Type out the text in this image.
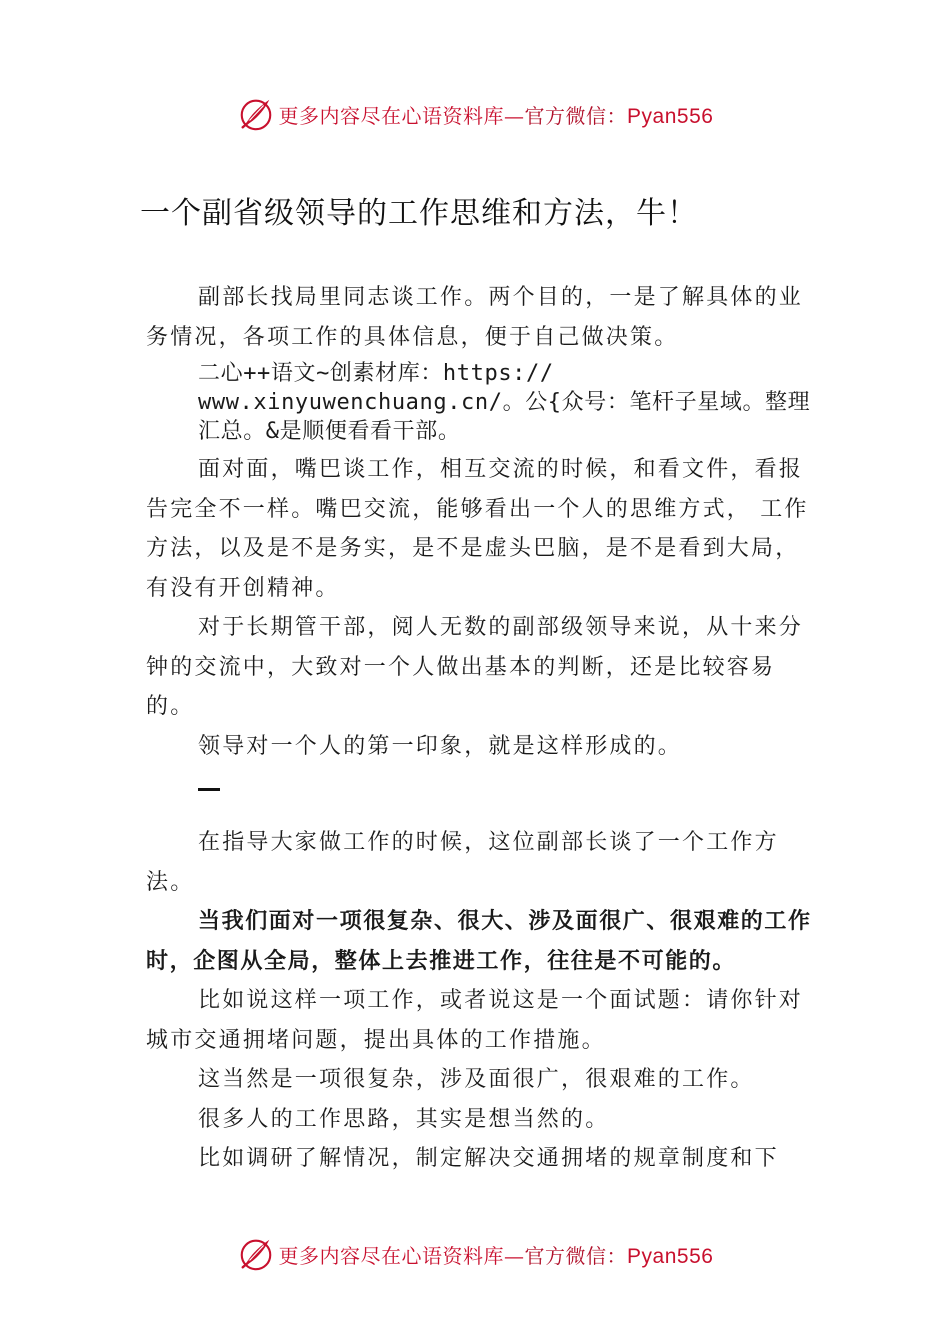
更多内容尽在心语资料库—官方微信：Pyan556
一个副省级领导的工作思维和方法，牛！

副部长找局里同志谈工作。两个目的，一是了解具体的业务情况，各项工作的具体信息，便于自己做决策。

二心++语文~创素材库：https://
www.xinyuwenchuang.cn/。公{众号：笔杆子星域。整理
汇总。&是顺便看看干部。

面对面，嘴巴谈工作，相互交流的时候，和看文件，看报告完全不一样。嘴巴交流，能够看出一个人的思维方式， 工作方法，以及是不是务实，是不是虚头巴脑，是不是看到大局，有没有开创精神。

对于长期管干部，阅人无数的副部级领导来说，从十来分钟的交流中，大致对一个人做出基本的判断，还是比较容易的。

领导对一个人的第一印象，就是这样形成的。

在指导大家做工作的时候，这位副部长谈了一个工作方法。

当我们面对一项很复杂、很大、涉及面很广、很艰难的工作时，企图从全局，整体上去推进工作，往往是不可能的。

比如说这样一项工作，或者说这是一个面试题：请你针对城市交通拥堵问题，提出具体的工作措施。

这当然是一项很复杂，涉及面很广，很艰难的工作。

很多人的工作思路，其实是想当然的。

比如调研了解情况，制定解决交通拥堵的规章制度和下

更多内容尽在心语资料库—官方微信：Pyan556
